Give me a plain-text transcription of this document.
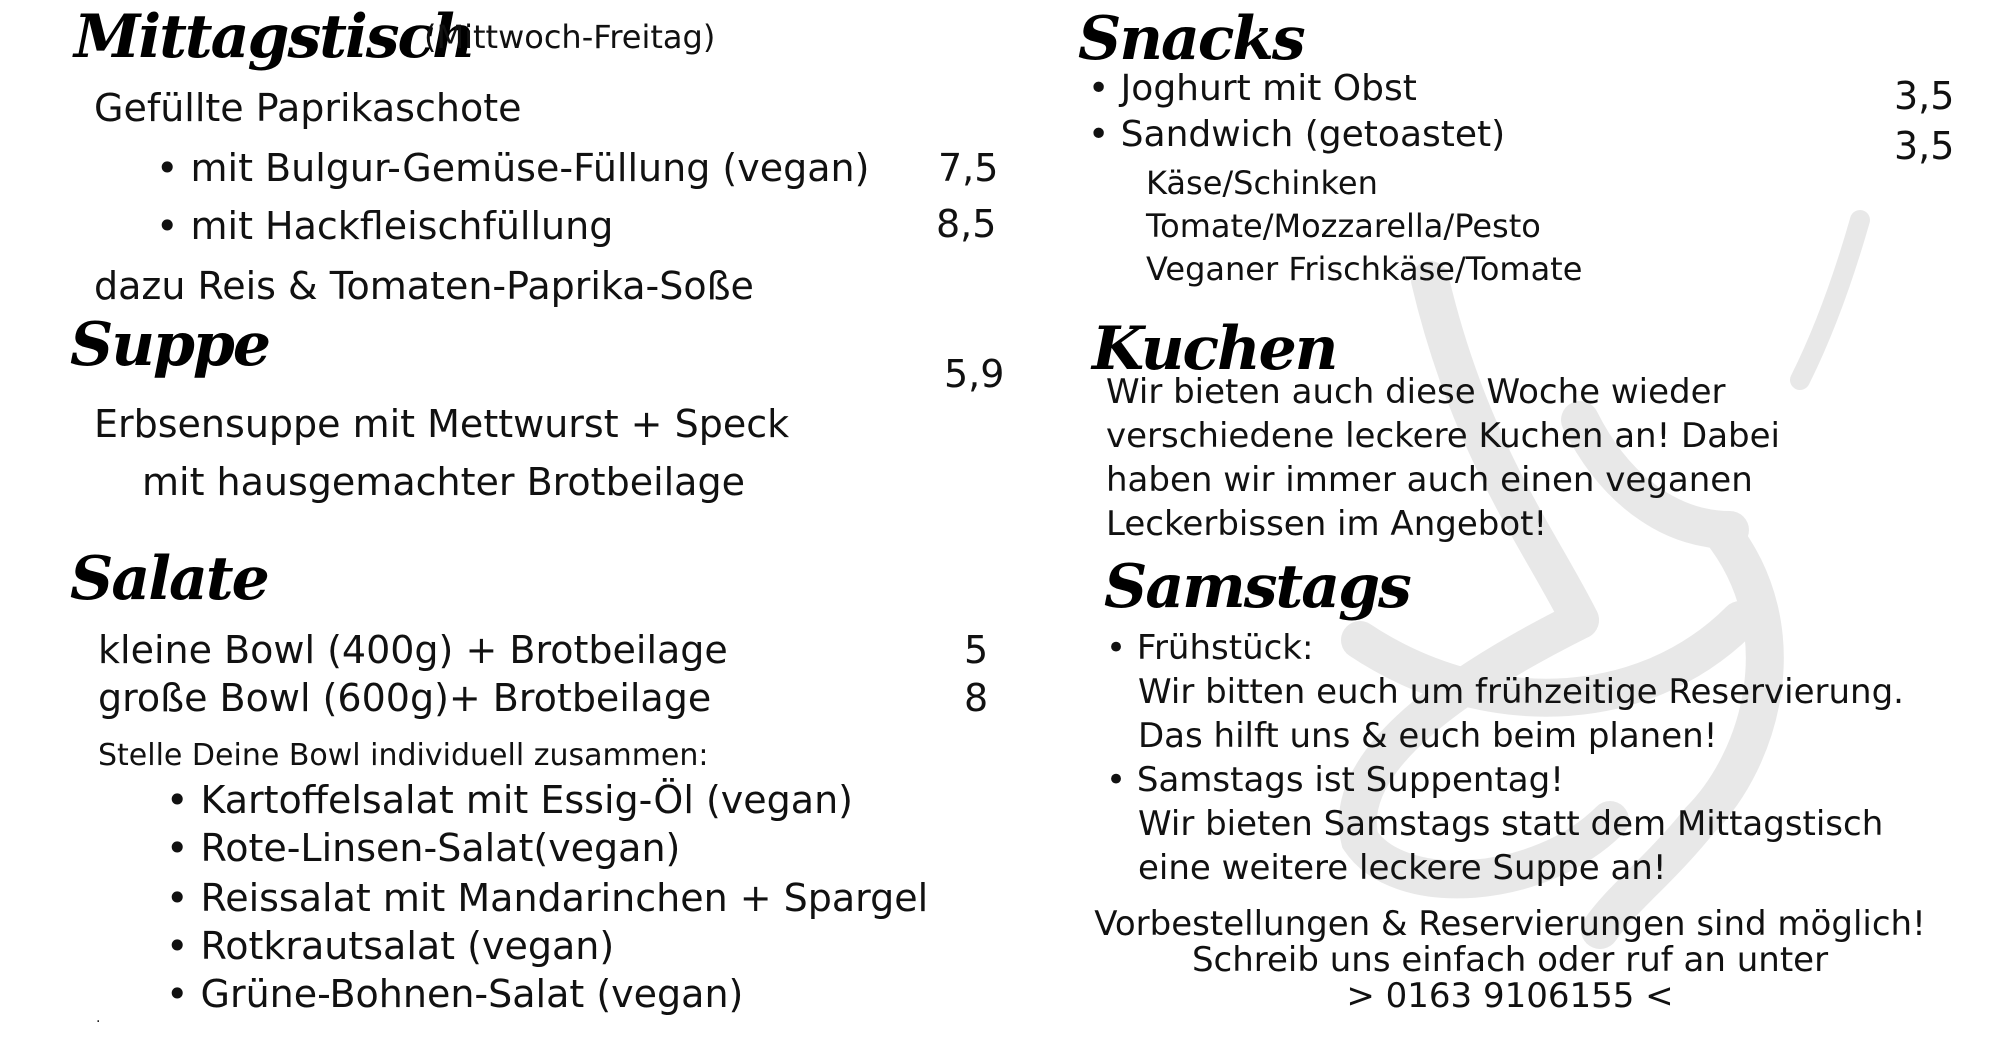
Mittagstisch
(Mittwoch-Freitag)
Gefüllte Paprikaschote
• mit Bulgur-Gemüse-Füllung (vegan) 7,5
• mit Hackfleischfüllung	8,5
dazu Reis & Tomaten-Paprika-Soße
Suppe	5,9
Erbsensuppe mit Mettwurst + Speck
mit hausgemachter Brotbeilage
Salate
kleine Bowl (400g) + Brotbeilage	5
große Bowl (600g)+ Brotbeilage	8
Stelle Deine Bowl individuell zusammen:
• Kartoffelsalat mit Essig-Öl (vegan)
• Rote-Linsen-Salat(vegan)
• Reissalat mit Mandarinchen + Spargel
• Rotkrautsalat (vegan)
• Grüne-Bohnen-Salat (vegan)
.
Snacks
• Joghurt mit Obst	3,5
• Sandwich (getoastet)	3,5
Käse/Schinken
Tomate/Mozzarella/Pesto
Veganer Frischkäse/Tomate
Kuchen
Wir bieten auch diese Woche wieder
verschiedene leckere Kuchen an! Dabei
haben wir immer auch einen veganen
Leckerbissen im Angebot!
Samstags
• Frühstück:
Wir bitten euch um frühzeitige Reservierung.
Das hilft uns & euch beim planen!
• Samstags ist Suppentag!
Wir bieten Samstags statt dem Mittagstisch
eine weitere leckere Suppe an!
Vorbestellungen & Reservierungen sind möglich!
Schreib uns einfach oder ruf an unter
> 0163 9106155 <
